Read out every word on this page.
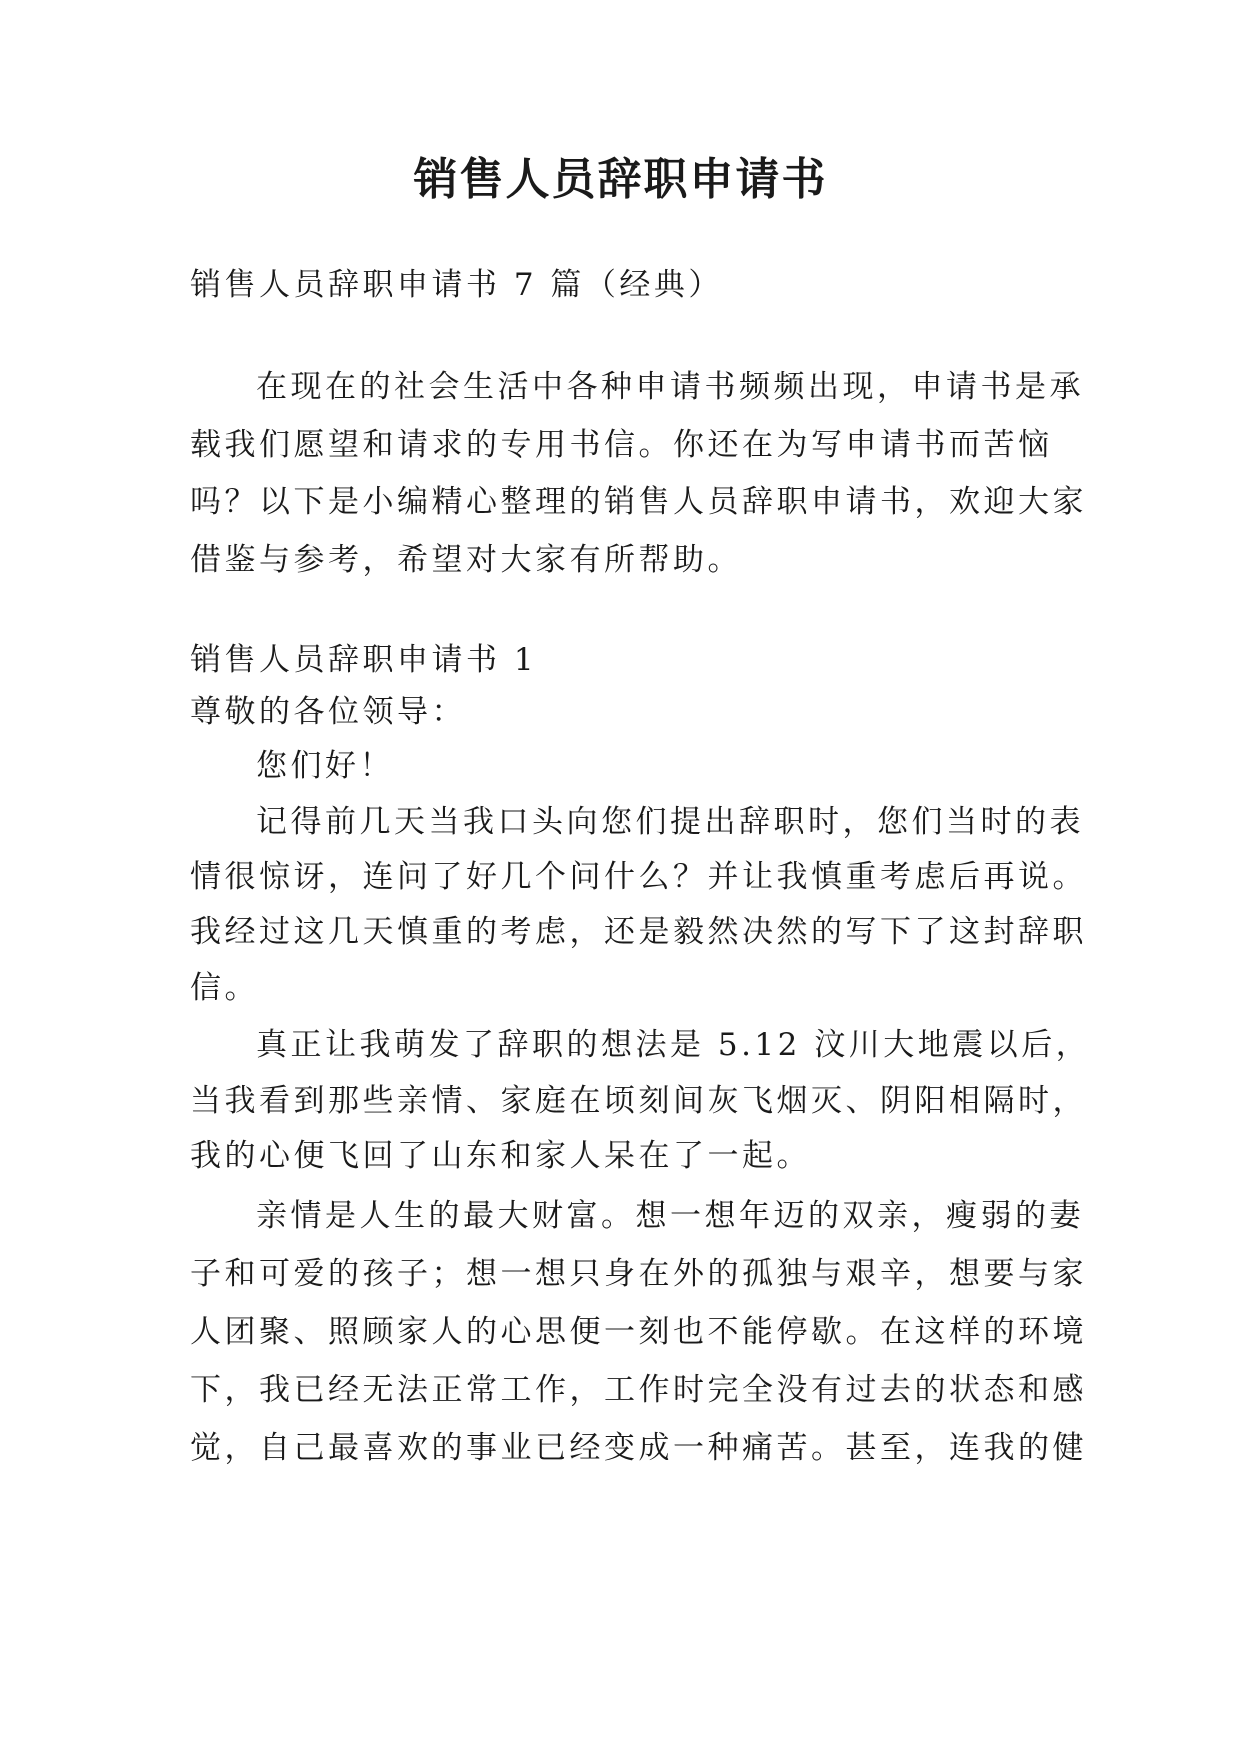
销售人员辞职申请书
销售人员辞职申请书 7 篇（经典）
在现在的社会生活中各种申请书频频出现，申请书是承
载我们愿望和请求的专用书信。你还在为写申请书而苦恼
吗？以下是小编精心整理的销售人员辞职申请书，欢迎大家
借鉴与参考，希望对大家有所帮助。
销售人员辞职申请书 1
尊敬的各位领导：
您们好！
记得前几天当我口头向您们提出辞职时，您们当时的表
情很惊讶，连问了好几个问什么？并让我慎重考虑后再说。
我经过这几天慎重的考虑，还是毅然决然的写下了这封辞职
信。
真正让我萌发了辞职的想法是 5.12 汶川大地震以后，
当我看到那些亲情、家庭在顷刻间灰飞烟灭、阴阳相隔时，
我的心便飞回了山东和家人呆在了一起。
亲情是人生的最大财富。想一想年迈的双亲，瘦弱的妻
子和可爱的孩子；想一想只身在外的孤独与艰辛，想要与家
人团聚、照顾家人的心思便一刻也不能停歇。在这样的环境
下，我已经无法正常工作，工作时完全没有过去的状态和感
觉，自己最喜欢的事业已经变成一种痛苦。甚至，连我的健
